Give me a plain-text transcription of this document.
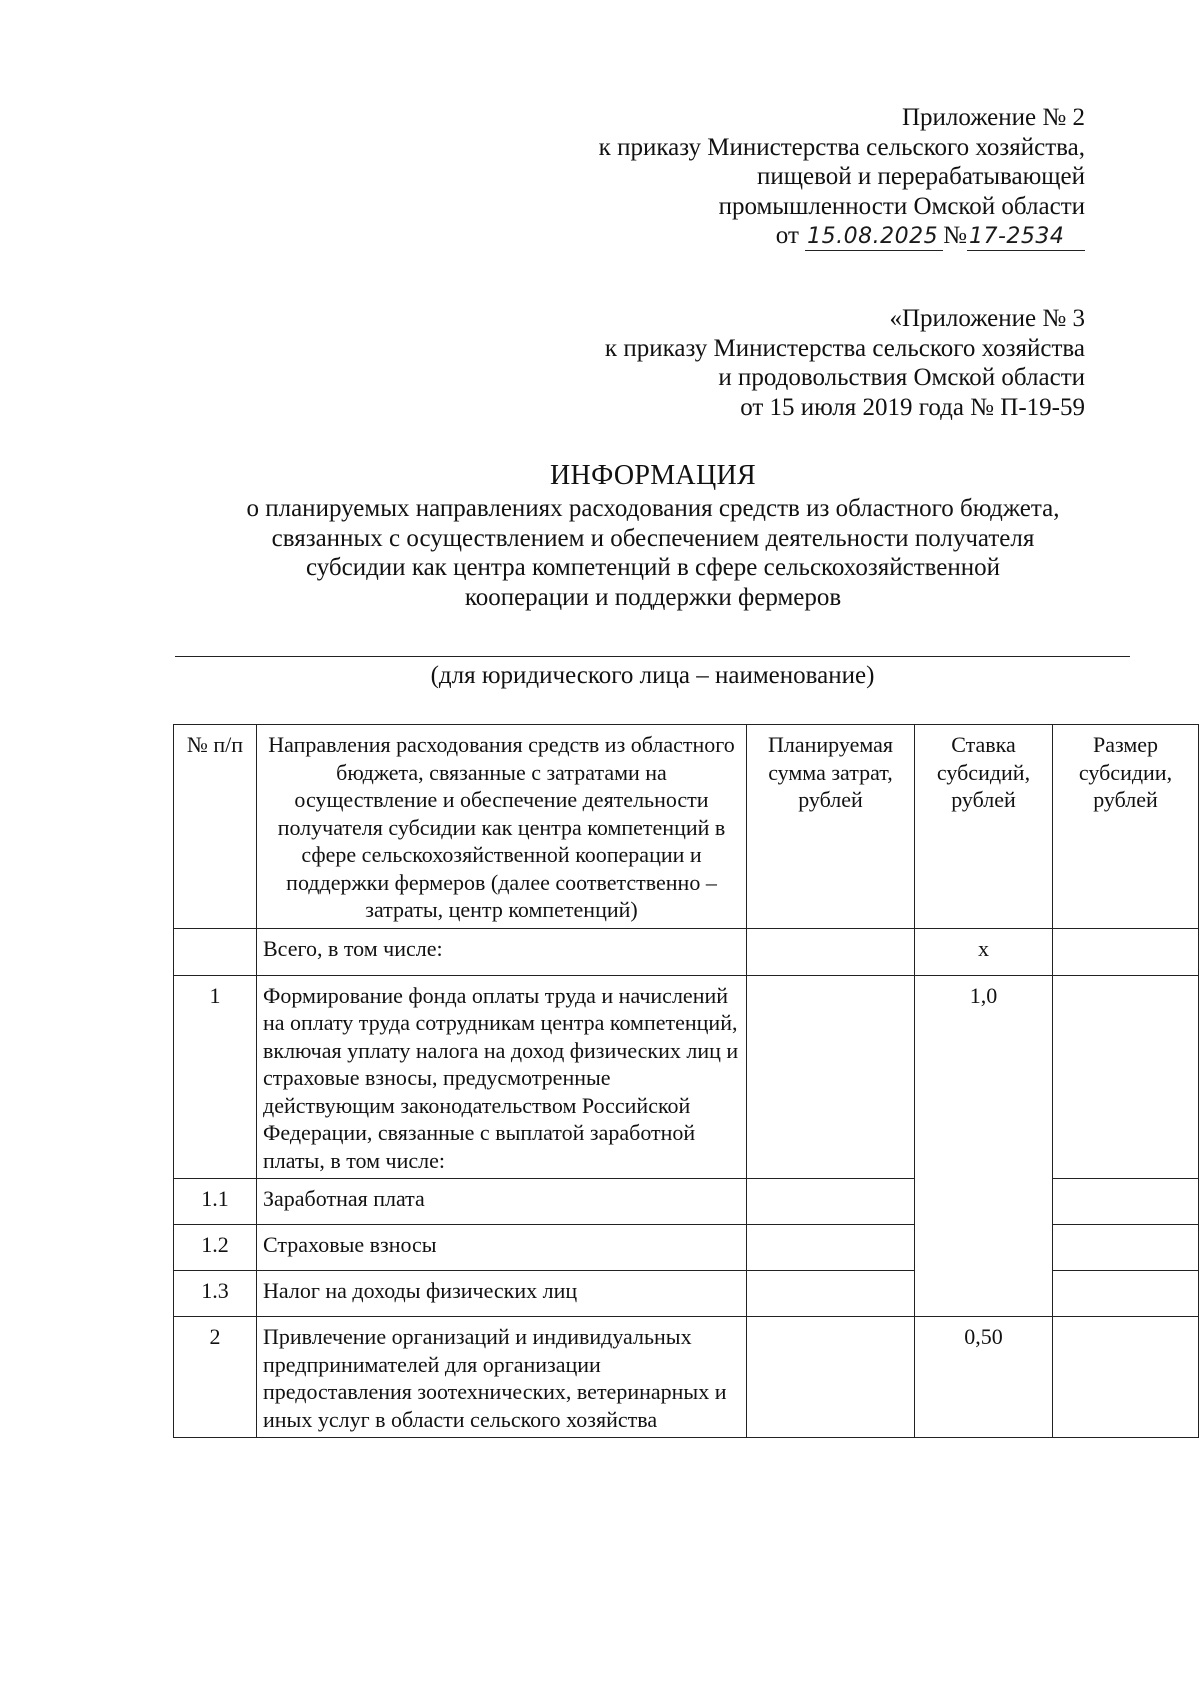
Приложение № 2
к приказу Министерства сельского хозяйства,
пищевой и перерабатывающей
промышленности Омской области
от 15.08.2025 №17-2534
«Приложение № 3
к приказу Министерства сельского хозяйства
и продовольствия Омской области
от 15 июля 2019 года № П-19-59
ИНФОРМАЦИЯ
о планируемых направлениях расходования средств из областного бюджета,
связанных с осуществлением и обеспечением деятельности получателя
субсидии как центра компетенций в сфере сельскохозяйственной
кооперации и поддержки фермеров
(для юридического лица – наименование)
№ п/п	Направления расходования средств из областного бюджета, связанные с затратами на осуществление и обеспечение деятельности получателя субсидии как центра компетенций в сфере сельскохозяйственной кооперации и поддержки фермеров (далее соответственно – затраты, центр компетенций)	Планируемая сумма затрат, рублей	Ставка субсидий, рублей	Размер субсидии, рублей
	Всего, в том числе:		х	
1	Формирование фонда оплаты труда и начислений на оплату труда сотрудникам центра компетенций, включая уплату налога на доход физических лиц и страховые взносы, предусмотренные действующим законодательством Российской Федерации, связанные с выплатой заработной платы, в том числе:		1,0	
1.1	Заработная плата			
1.2	Страховые взносы			
1.3	Налог на доходы физических лиц			
2	Привлечение организаций и индивидуальных предпринимателей для организации предоставления зоотехнических, ветеринарных и иных услуг в области сельского хозяйства		0,50	
